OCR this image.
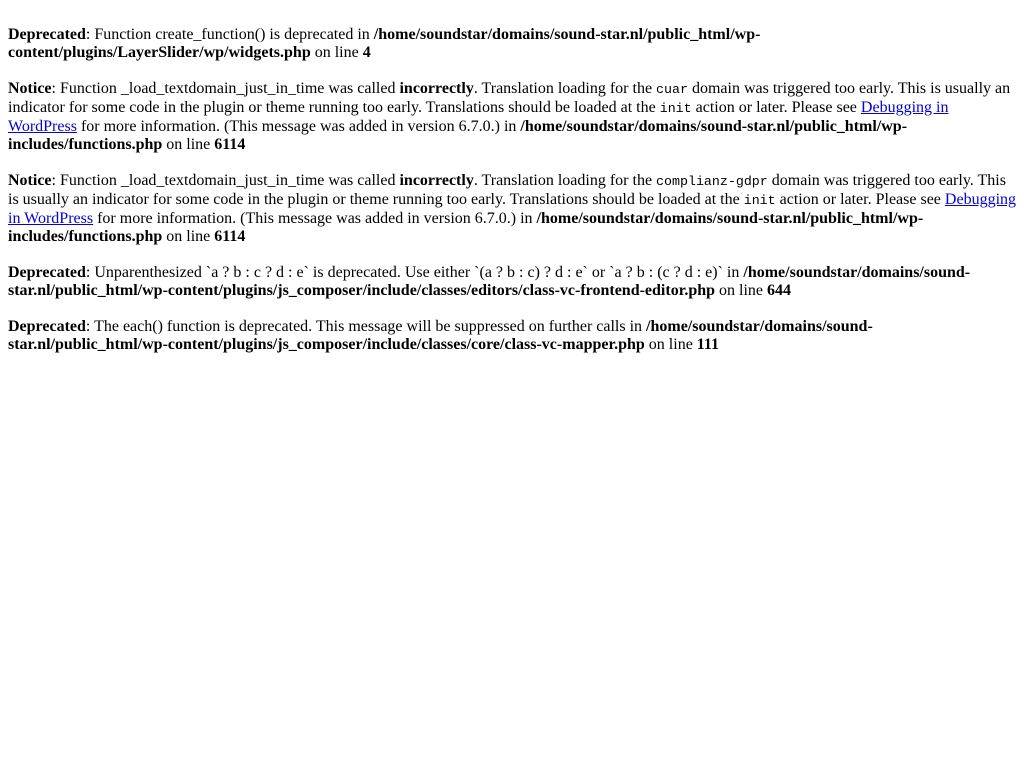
Deprecated: Function create_function() is deprecated in /home/soundstar/domains/sound-star.nl/public_html/wp-content/plugins/LayerSlider/wp/widgets.php on line 4

Notice: Function _load_textdomain_just_in_time was called incorrectly. Translation loading for the cuar domain was triggered too early. This is usually an indicator for some code in the plugin or theme running too early. Translations should be loaded at the init action or later. Please see Debugging in WordPress for more information. (This message was added in version 6.7.0.) in /home/soundstar/domains/sound-star.nl/public_html/wp-includes/functions.php on line 6114

Notice: Function _load_textdomain_just_in_time was called incorrectly. Translation loading for the complianz-gdpr domain was triggered too early. This is usually an indicator for some code in the plugin or theme running too early. Translations should be loaded at the init action or later. Please see Debugging in WordPress for more information. (This message was added in version 6.7.0.) in /home/soundstar/domains/sound-star.nl/public_html/wp-includes/functions.php on line 6114

Deprecated: Unparenthesized `a ? b : c ? d : e` is deprecated. Use either `(a ? b : c) ? d : e` or `a ? b : (c ? d : e)` in /home/soundstar/domains/sound-star.nl/public_html/wp-content/plugins/js_composer/include/classes/editors/class-vc-frontend-editor.php on line 644

Deprecated: The each() function is deprecated. This message will be suppressed on further calls in /home/soundstar/domains/sound-star.nl/public_html/wp-content/plugins/js_composer/include/classes/core/class-vc-mapper.php on line 111
